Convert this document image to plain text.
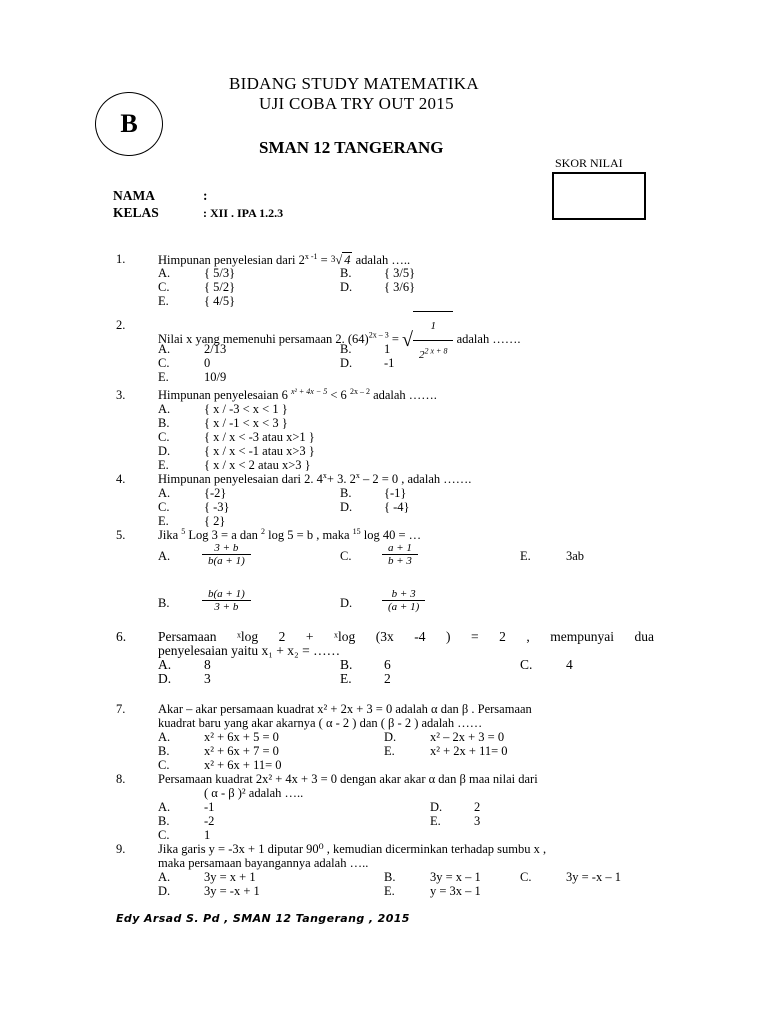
B
BIDANG STUDY MATEMATIKA
UJI COBA TRY OUT 2015
SMAN 12 TANGERANG
SKOR NILAI
NAMA	:
KELAS	: XII . IPA 1.2.3
1.	Himpunan penyelesian dari $2^{x -1} = ^3√$ 4 adalah …..
A.	{ 5/3}	B.	{ 3/5}
C.	{ 5/2}	D.	{ 3/6}
E.	{ 4/5}
2.
Nilai x yang memenuhi persamaan 2. $(64)^{2x - 3}$ = √ $\frac{1}{2^{2 x + 8}}$ adalah …….
A.	2/13	B.	1
C.	0	D.	-1
E.	10/9
3.	Himpunan penyelesaian 6 $^{x^2 + 4x - 5}$ < 6 $^{2x - 2}$ adalah …….
A.	{ x / -3 < x < 1 }
B.	{ x / -1 < x < 3 }
C.	{ x / x < -3 atau x>1 }
D.	{ x / x < -1 atau x>3 }
E.	{ x / x < 2 atau x>3 }
4.	Himpunan penyelesaian dari 2. $4^x+ 3$. 2$^x$ – 2 = 0 , adalah …….
A.	{-2}	B.	{-1}
C.	{ -3}	D.	{ -4}
E.	{ 2}
5.	Jika $^5$ Log 3 = a dan $^2$ log 5 = b , maka $^{15}$ log 40 = …
A.	$\frac{3 + b}{b(a + 1)}$	C.	$\frac{a + 1}{b + 3}$	E.	3ab
B.	$\frac{b(a + 1)}{3 + b}$	D.	$\frac{b + 3}{(a + 1)}$
6. Persamaan ˣlog 2 + ˣlog (3x -4 ) = 2 , mempunyai dua
penyelesaian yaitu x₁ + x₂ = ……
A. 8	B. 6	C. 4
D. 3	E. 2
7.	Akar – akar persamaan kuadrat x² + 2x + 3 = 0 adalah α dan β . Persamaan
kuadrat baru yang akar akarnya ( α - 2 ) dan ( β - 2 ) adalah ……
A.	x² + 6x + 5 = 0	D.	x² – 2x + 3 = 0
B.	x² + 6x + 7 = 0	E.	x² + 2x + 11= 0
C.	x² + 6x + 11= 0
8.	Persamaan kuadrat 2x² + 4x + 3 = 0 dengan akar akar α dan β maa nilai dari
( α - β )² adalah …..
A.	-1	D.	2
B.	-2	E.	3
C.	1
9.	Jika garis y = -3x + 1 diputar 90⁰ , kemudian dicerminkan terhadap sumbu x ,
maka persamaan bayangannya adalah …..
A.	3y = x + 1	B.	3y = x – 1	C.	3y = -x – 1
D.	3y = -x + 1	E.	y = 3x – 1
Edy Arsad S. Pd , SMAN 12 Tangerang , 2015
